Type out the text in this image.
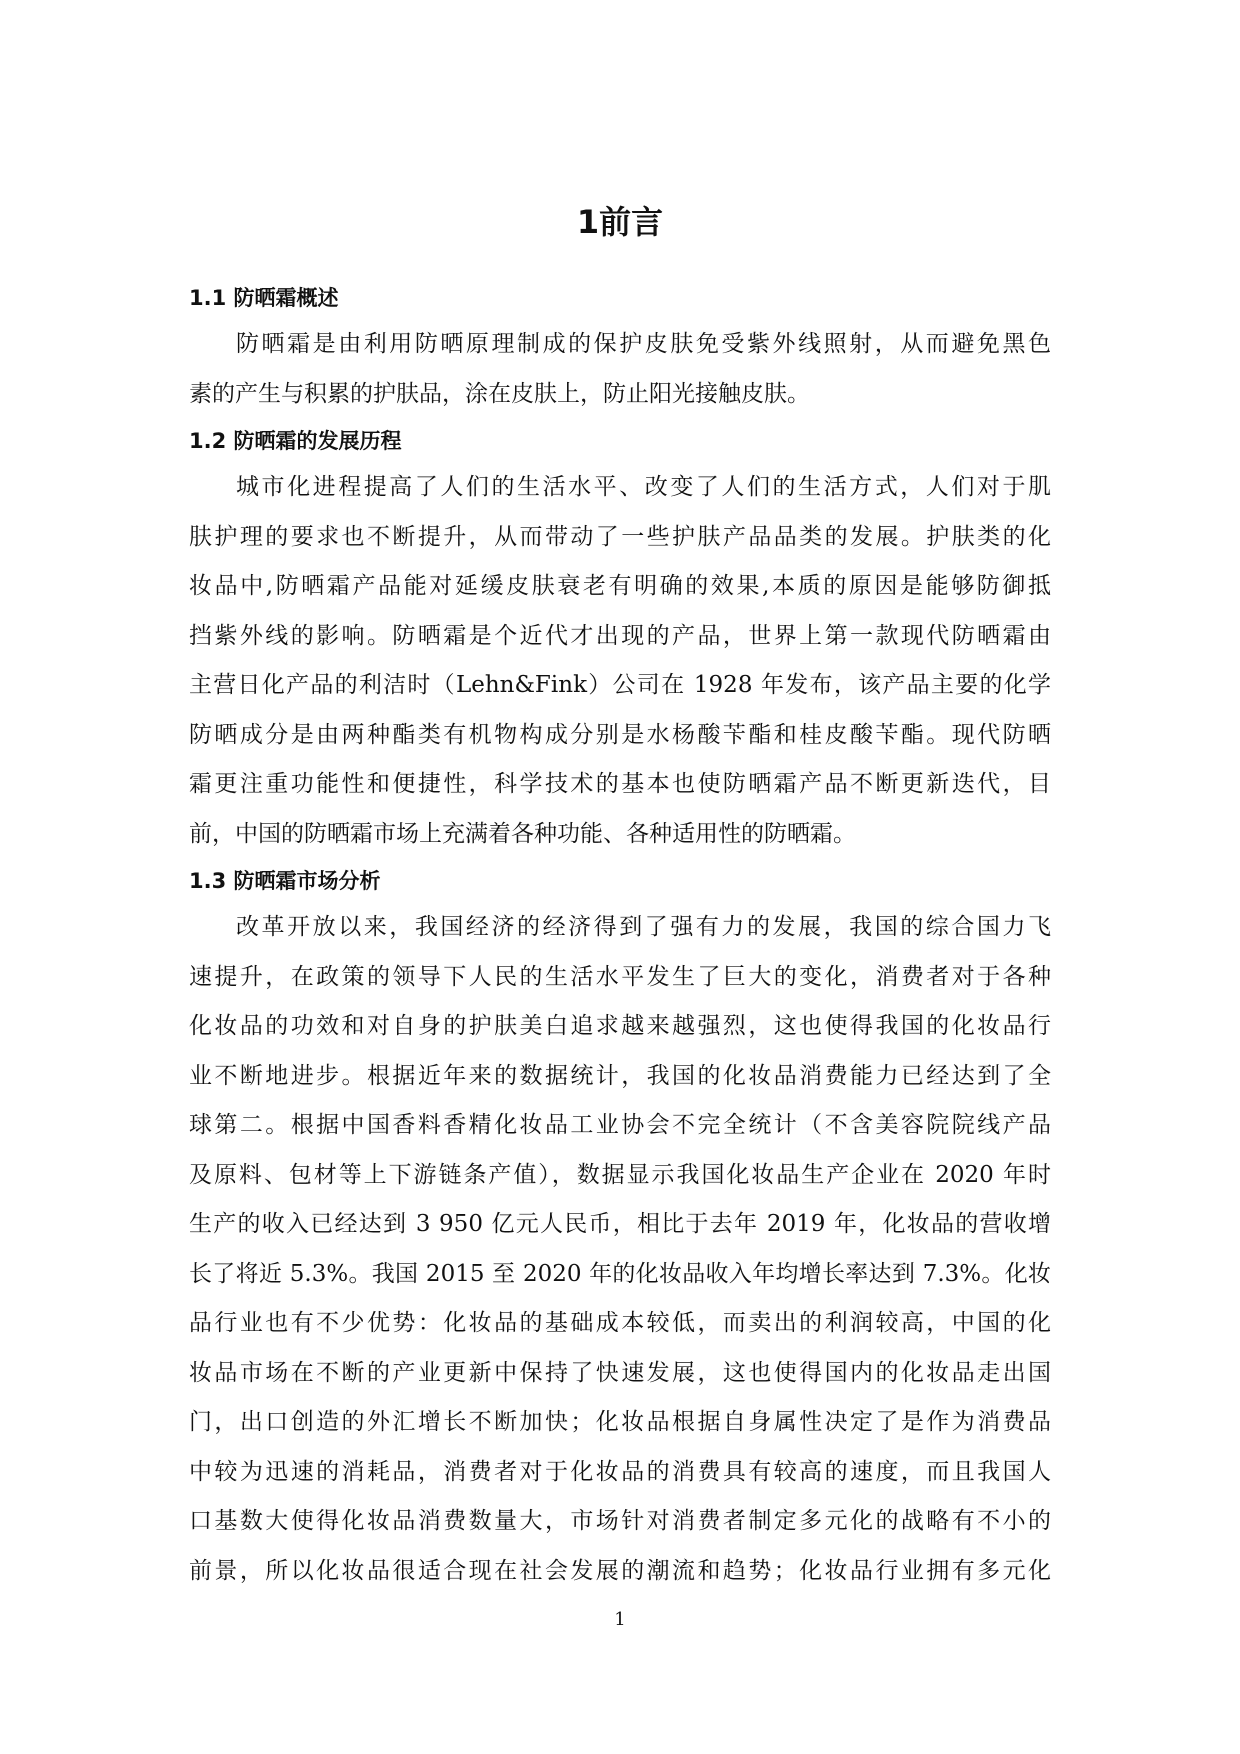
1前言
1.1 防晒霜概述
防晒霜是由利用防晒原理制成的保护皮肤免受紫外线照射，从而避免黑色
素的产生与积累的护肤品，涂在皮肤上，防止阳光接触皮肤。
1.2 防晒霜的发展历程
城市化进程提高了人们的生活水平、改变了人们的生活方式，人们对于肌
肤护理的要求也不断提升，从而带动了一些护肤产品品类的发展。护肤类的化
妆品中,防晒霜产品能对延缓皮肤衰老有明确的效果,本质的原因是能够防御抵
挡紫外线的影响。防晒霜是个近代才出现的产品，世界上第一款现代防晒霜由
主营日化产品的利洁时（Lehn&Fink）公司在 1928 年发布，该产品主要的化学
防晒成分是由两种酯类有机物构成分别是水杨酸苄酯和桂皮酸苄酯。现代防晒
霜更注重功能性和便捷性，科学技术的基本也使防晒霜产品不断更新迭代，目
前，中国的防晒霜市场上充满着各种功能、各种适用性的防晒霜。
1.3 防晒霜市场分析
改革开放以来，我国经济的经济得到了强有力的发展，我国的综合国力飞
速提升，在政策的领导下人民的生活水平发生了巨大的变化，消费者对于各种
化妆品的功效和对自身的护肤美白追求越来越强烈，这也使得我国的化妆品行
业不断地进步。根据近年来的数据统计，我国的化妆品消费能力已经达到了全
球第二。根据中国香料香精化妆品工业协会不完全统计（不含美容院院线产品
及原料、包材等上下游链条产值），数据显示我国化妆品生产企业在 2020 年时
生产的收入已经达到 3 950 亿元人民币，相比于去年 2019 年，化妆品的营收增
长了将近 5.3%。我国 2015 至 2020 年的化妆品收入年均增长率达到 7.3%。化妆
品行业也有不少优势：化妆品的基础成本较低，而卖出的利润较高，中国的化
妆品市场在不断的产业更新中保持了快速发展，这也使得国内的化妆品走出国
门，出口创造的外汇增长不断加快；化妆品根据自身属性决定了是作为消费品
中较为迅速的消耗品，消费者对于化妆品的消费具有较高的速度，而且我国人
口基数大使得化妆品消费数量大，市场针对消费者制定多元化的战略有不小的
前景，所以化妆品很适合现在社会发展的潮流和趋势；化妆品行业拥有多元化
1
